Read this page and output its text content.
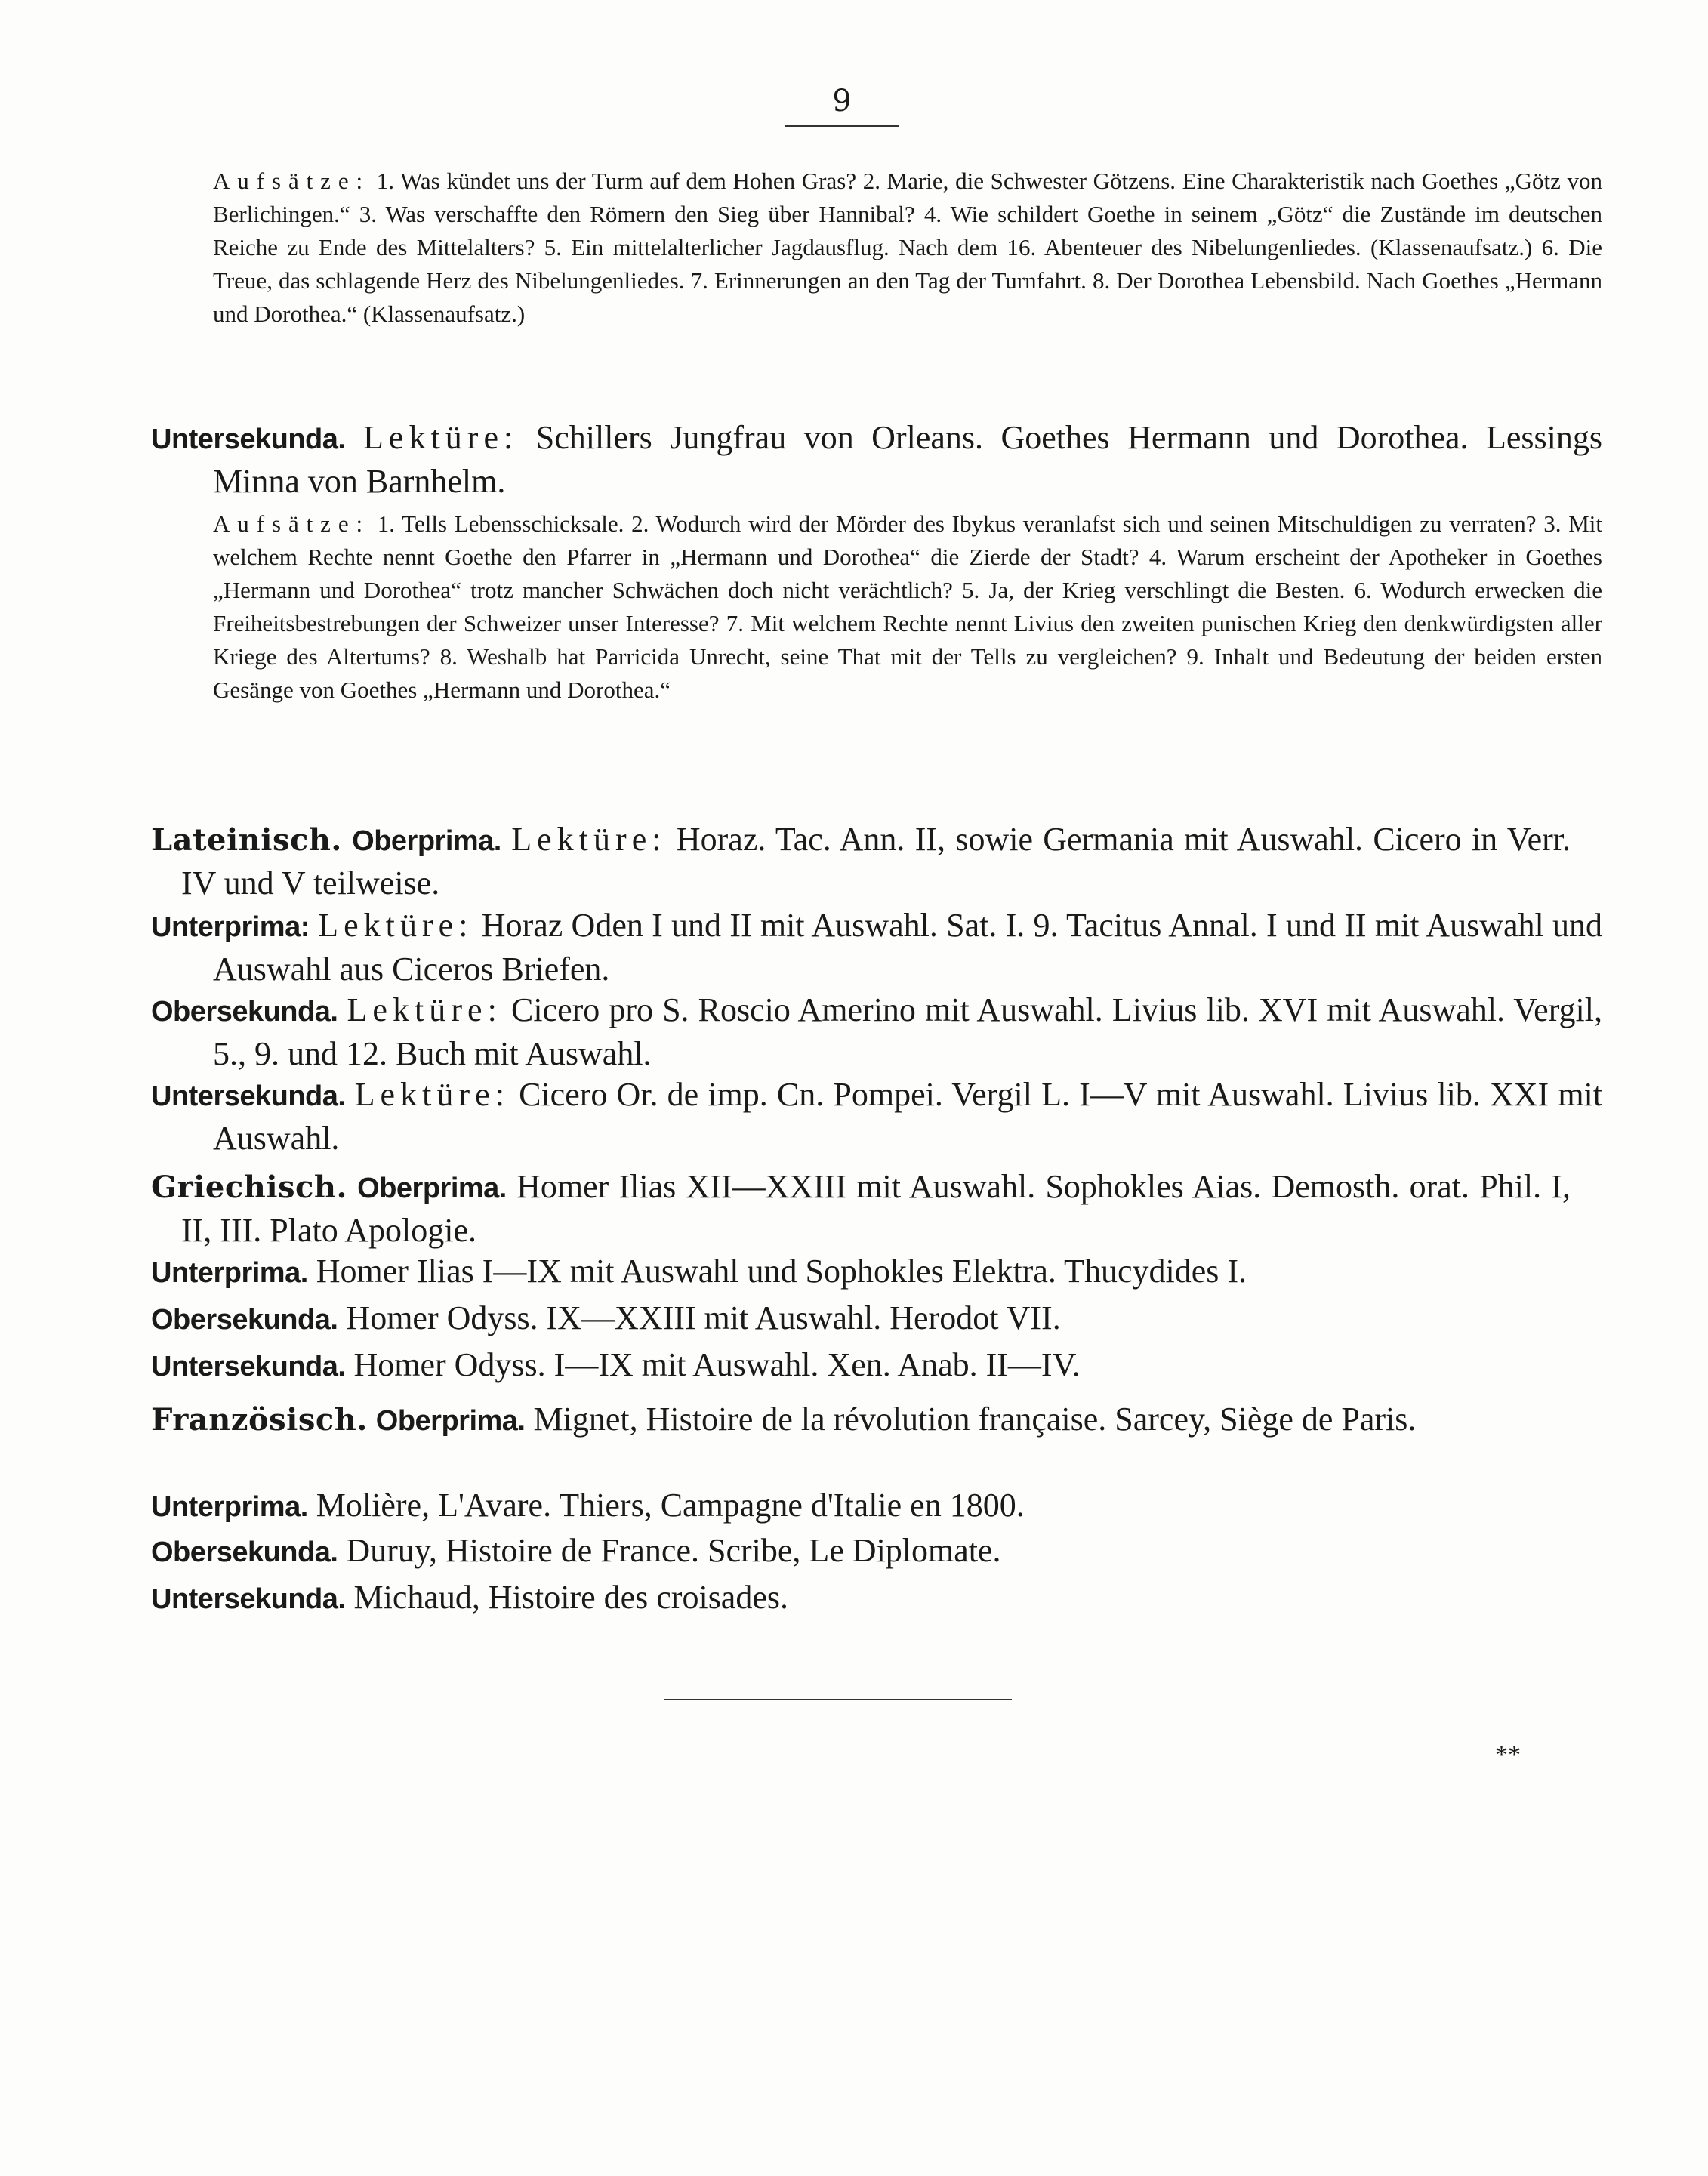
9
Aufsätze: 1. Was kündet uns der Turm auf dem Hohen Gras? 2. Marie, die Schwester Götzens. Eine Charakteristik nach Goethes „Götz von Berlichingen.“ 3. Was verschaffte den Römern den Sieg über Hannibal? 4. Wie schildert Goethe in seinem „Götz“ die Zustände im deutschen Reiche zu Ende des Mittelalters? 5. Ein mittelalterlicher Jagdausflug. Nach dem 16. Abenteuer des Nibelungenliedes. (Klassenaufsatz.) 6. Die Treue, das schlagende Herz des Nibelungenliedes. 7. Erinnerungen an den Tag der Turnfahrt. 8. Der Dorothea Lebensbild. Nach Goethes „Hermann und Dorothea.“ (Klassenaufsatz.)
Untersekunda. Lektüre: Schillers Jungfrau von Orleans. Goethes Hermann und Dorothea. Lessings Minna von Barnhelm.
Aufsätze: 1. Tells Lebensschicksale. 2. Wodurch wird der Mörder des Ibykus veranlafst sich und seinen Mitschuldigen zu verraten? 3. Mit welchem Rechte nennt Goethe den Pfarrer in „Hermann und Dorothea“ die Zierde der Stadt? 4. Warum erscheint der Apotheker in Goethes „Hermann und Dorothea“ trotz mancher Schwächen doch nicht verächtlich? 5. Ja, der Krieg verschlingt die Besten. 6. Wodurch erwecken die Freiheitsbestrebungen der Schweizer unser Interesse? 7. Mit welchem Rechte nennt Livius den zweiten punischen Krieg den denkwürdigsten aller Kriege des Altertums? 8. Weshalb hat Parricida Unrecht, seine That mit der Tells zu vergleichen? 9. Inhalt und Bedeutung der beiden ersten Gesänge von Goethes „Hermann und Dorothea.“
Lateinisch. Oberprima. Lektüre: Horaz. Tac. Ann. II, sowie Germania mit Auswahl. Cicero in Verr. IV und V teilweise.
Unterprima: Lektüre: Horaz Oden I und II mit Auswahl. Sat. I. 9. Tacitus Annal. I und II mit Auswahl und Auswahl aus Ciceros Briefen.
Obersekunda. Lektüre: Cicero pro S. Roscio Amerino mit Auswahl. Livius lib. XVI mit Auswahl. Vergil, 5., 9. und 12. Buch mit Auswahl.
Untersekunda. Lektüre: Cicero Or. de imp. Cn. Pompei. Vergil L. I—V mit Auswahl. Livius lib. XXI mit Auswahl.
Griechisch. Oberprima. Homer Ilias XII—XXIII mit Auswahl. Sophokles Aias. Demosth. orat. Phil. I, II, III. Plato Apologie.
Unterprima. Homer Ilias I—IX mit Auswahl und Sophokles Elektra. Thucydides I.
Obersekunda. Homer Odyss. IX—XXIII mit Auswahl. Herodot VII.
Untersekunda. Homer Odyss. I—IX mit Auswahl. Xen. Anab. II—IV.
Französisch. Oberprima. Mignet, Histoire de la révolution française. Sarcey, Siège de Paris.
Unterprima. Molière, L'Avare. Thiers, Campagne d'Italie en 1800.
Obersekunda. Duruy, Histoire de France. Scribe, Le Diplomate.
Untersekunda. Michaud, Histoire des croisades.
**
